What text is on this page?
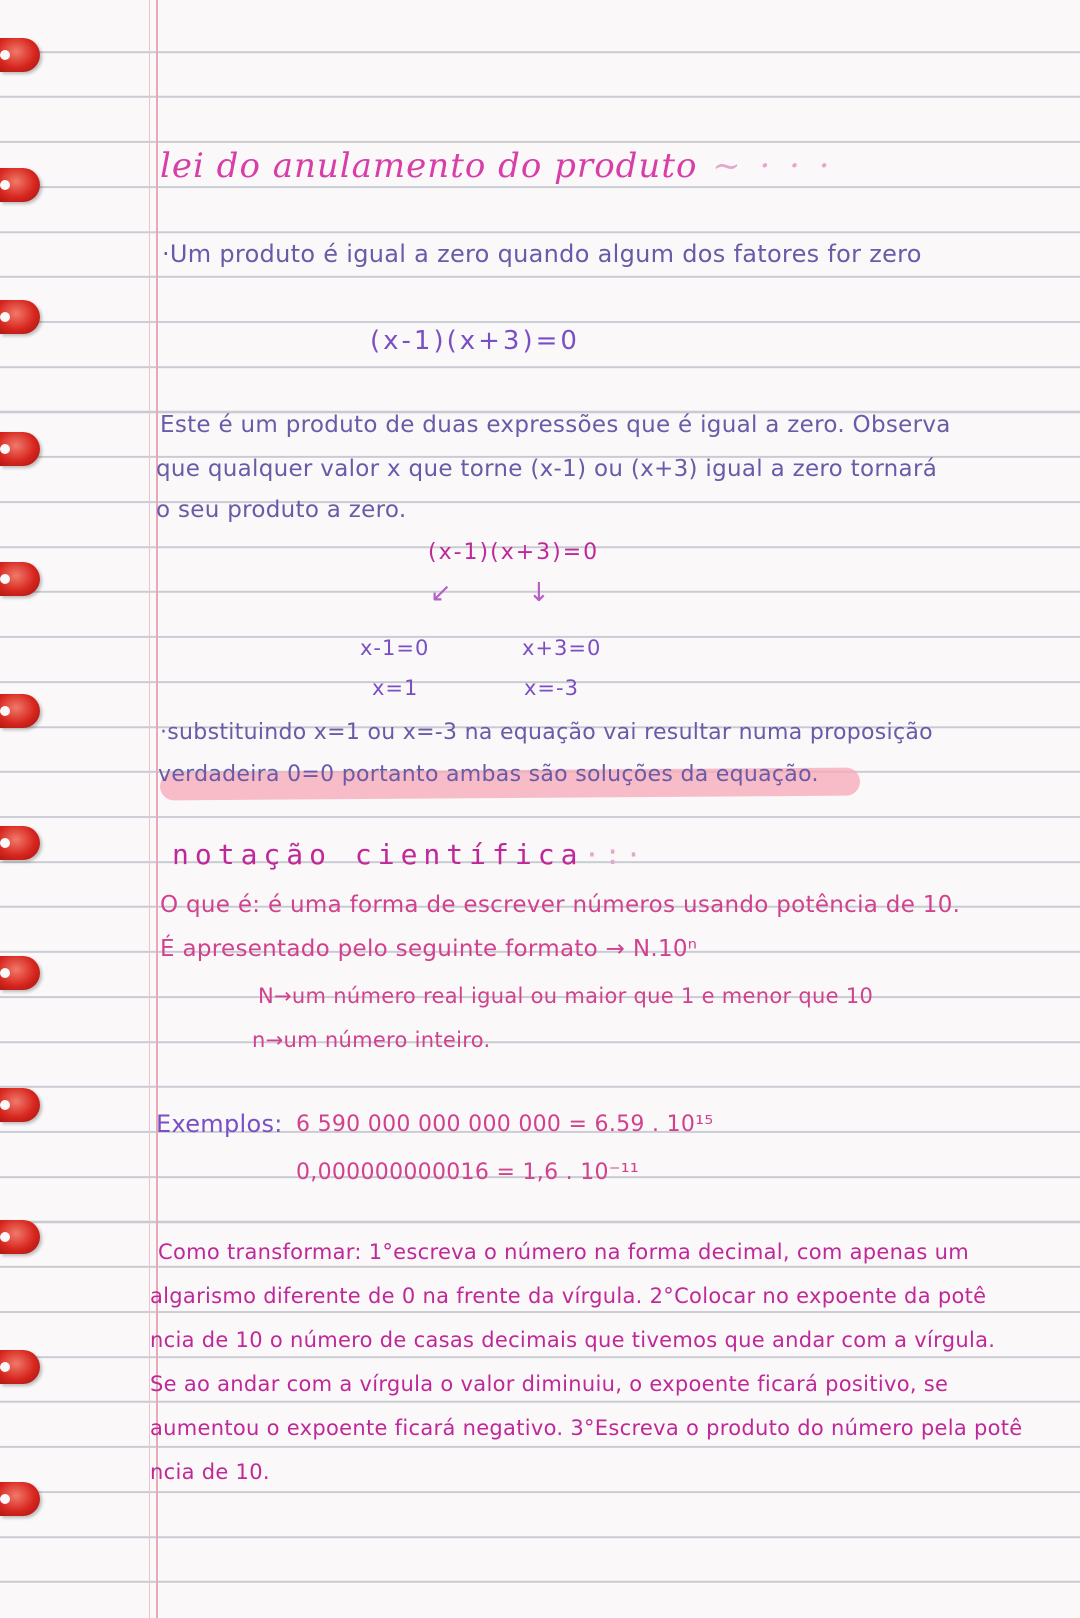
lei do anulamento do produto ~ · · ·
·Um produto é igual a zero quando algum dos fatores for zero
(x-1)(x+3)=0
Este é um produto de duas expressões que é igual a zero. Observa
que qualquer valor x que torne (x-1) ou (x+3) igual a zero tornará
o seu produto a zero.
(x-1)(x+3)=0
↙	↓
x-1=0	x+3=0
x=1	x=-3
·substituindo x=1 ou x=-3 na equação vai resultar numa proposição
verdadeira 0=0 portanto ambas são soluções da equação.
notação científica·:·
O que é: é uma forma de escrever números usando potência de 10.
É apresentado pelo seguinte formato → N.10ⁿ
N→um número real igual ou maior que 1 e menor que 10
n→um número inteiro.
Exemplos: 6 590 000 000 000 000 = 6.59 . 10¹⁵
0,000000000016 = 1,6 . 10⁻¹¹
Como transformar: 1°escreva o número na forma decimal, com apenas um
algarismo diferente de 0 na frente da vírgula. 2°Colocar no expoente da potê
ncia de 10 o número de casas decimais que tivemos que andar com a vírgula.
Se ao andar com a vírgula o valor diminuiu, o expoente ficará positivo, se
aumentou o expoente ficará negativo. 3°Escreva o produto do número pela potê
ncia de 10.
